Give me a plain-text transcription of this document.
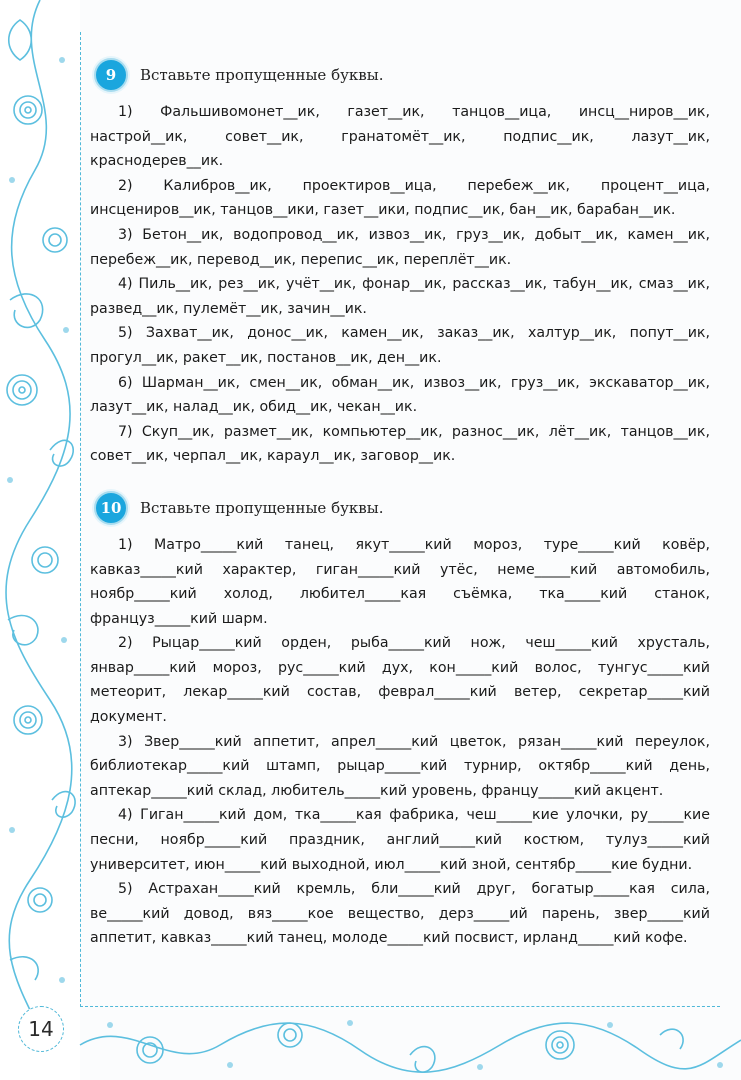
14
9	Вставьте пропущенные буквы.

1) Фальшивомонет__ик, газет__ик, танцов__ица, инсц__ниров__ик, настрой__ик, совет__ик, гранатомёт__ик, подпис__ик, лазут__ик, краснодерев__ик.

2) Калибров__ик, проектиров__ица, перебеж__ик, процент__ица, инсцениров__ик, танцов__ики, газет__ики, подпис__ик, бан__ик, барабан__ик.

3) Бетон__ик, водопровод__ик, извоз__ик, груз__ик, добыт__ик, камен__ик, перебеж__ик, перевод__ик, перепис__ик, переплёт__ик.

4) Пиль__ик, рез__ик, учёт__ик, фонар__ик, рассказ__ик, табун__ик, смаз__ик, развед__ик, пулемёт__ик, зачин__ик.

5) Захват__ик, донос__ик, камен__ик, заказ__ик, халтур__ик, попут__ик, прогул__ик, ракет__ик, постанов__ик, ден__ик.

6) Шарман__ик, смен__ик, обман__ик, извоз__ик, груз__ик, экскаватор__ик, лазут__ик, налад__ик, обид__ик, чекан__ик.

7) Скуп__ик, размет__ик, компьютер__ик, разнос__ик, лёт__ик, танцов__ик, совет__ик, черпал__ик, караул__ик, заговор__ик.

10	Вставьте пропущенные буквы.

1) Матро_____кий танец, якут_____кий мороз, туре_____кий ковёр, кавказ_____кий характер, гиган_____кий утёс, неме_____кий автомобиль, ноябр_____кий холод, любител_____кая съёмка, тка_____кий станок, француз_____кий шарм.

2) Рыцар_____кий орден, рыба_____кий нож, чеш_____кий хрусталь, январ_____кий мороз, рус_____кий дух, кон_____кий волос, тунгус_____кий метеорит, лекар_____кий состав, феврал_____кий ветер, секретар_____кий документ.

3) Звер_____кий аппетит, апрел_____кий цветок, рязан_____кий переулок, библиотекар_____кий штамп, рыцар_____кий турнир, октябр_____кий день, аптекар_____кий склад, любитель_____кий уровень, францу_____кий акцент.

4) Гиган_____кий дом, тка_____кая фабрика, чеш_____кие улочки, ру_____кие песни, ноябр_____кий праздник, англий_____кий костюм, тулуз_____кий университет, июн_____кий выходной, июл_____кий зной, сентябр_____кие будни.

5) Астрахан_____кий кремль, бли_____кий друг, богатыр_____кая сила, ве_____кий довод, вяз_____кое вещество, дерз_____ий парень, звер_____кий аппетит, кавказ_____кий танец, молоде_____кий посвист, ирланд_____кий кофе.
